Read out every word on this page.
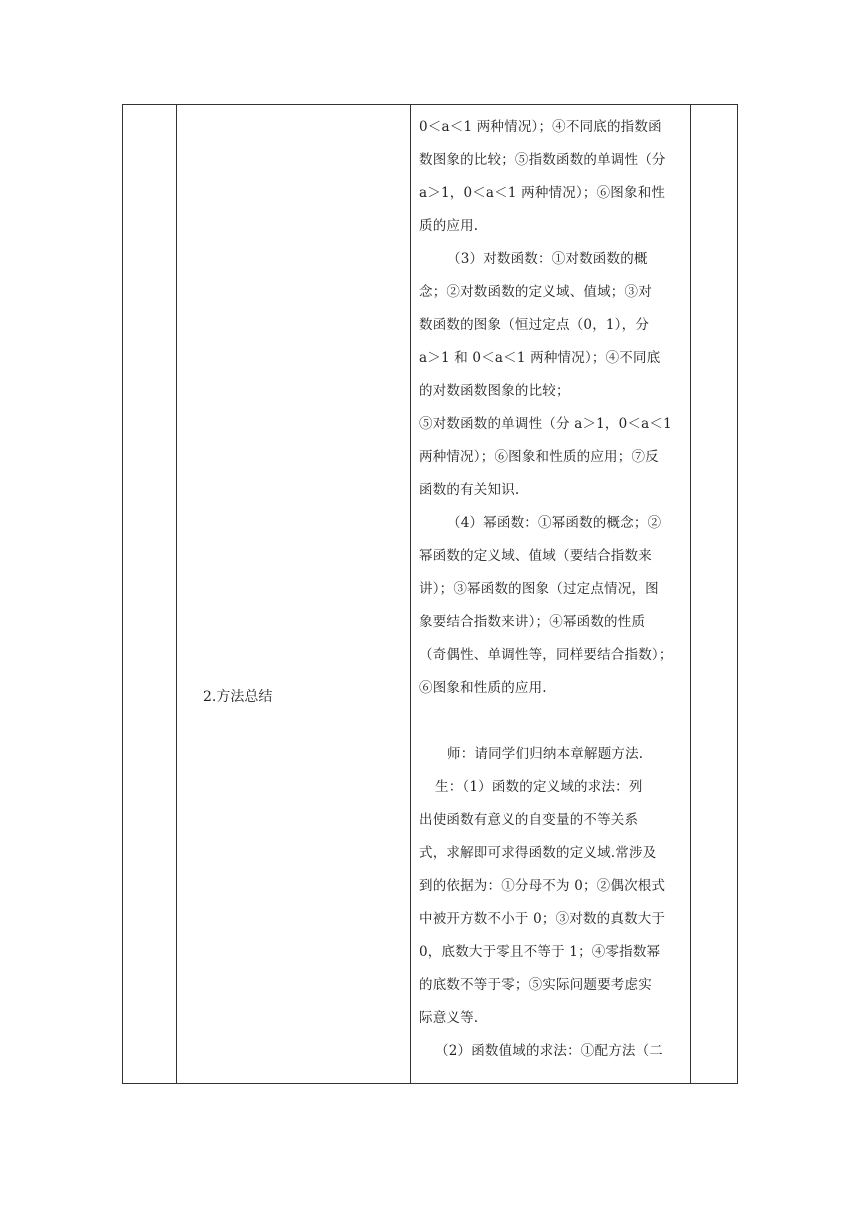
2.方法总结

0＜a＜1 两种情况）；④不同底的指数函

数图象的比较；⑤指数函数的单调性（分

a＞1，0＜a＜1 两种情况）；⑥图象和性

质的应用.

（3）对数函数：①对数函数的概

念；②对数函数的定义域、值域；③对

数函数的图象（恒过定点（0，1），分

a＞1 和 0＜a＜1 两种情况）；④不同底

的对数函数图象的比较；

⑤对数函数的单调性（分 a＞1，0＜a＜1

两种情况）；⑥图象和性质的应用；⑦反

函数的有关知识.

（4）幂函数：①幂函数的概念；②

幂函数的定义域、值域（要结合指数来

讲）；③幂函数的图象（过定点情况，图

象要结合指数来讲）；④幂函数的性质

（奇偶性、单调性等，同样要结合指数）；

⑥图象和性质的应用.

师：请同学们归纳本章解题方法.

生：（1）函数的定义域的求法：列

出使函数有意义的自变量的不等关系

式，求解即可求得函数的定义域.常涉及

到的依据为：①分母不为 0；②偶次根式

中被开方数不小于 0；③对数的真数大于

0，底数大于零且不等于 1；④零指数幂

的底数不等于零；⑤实际问题要考虑实

际意义等.

（2）函数值域的求法：①配方法（二
